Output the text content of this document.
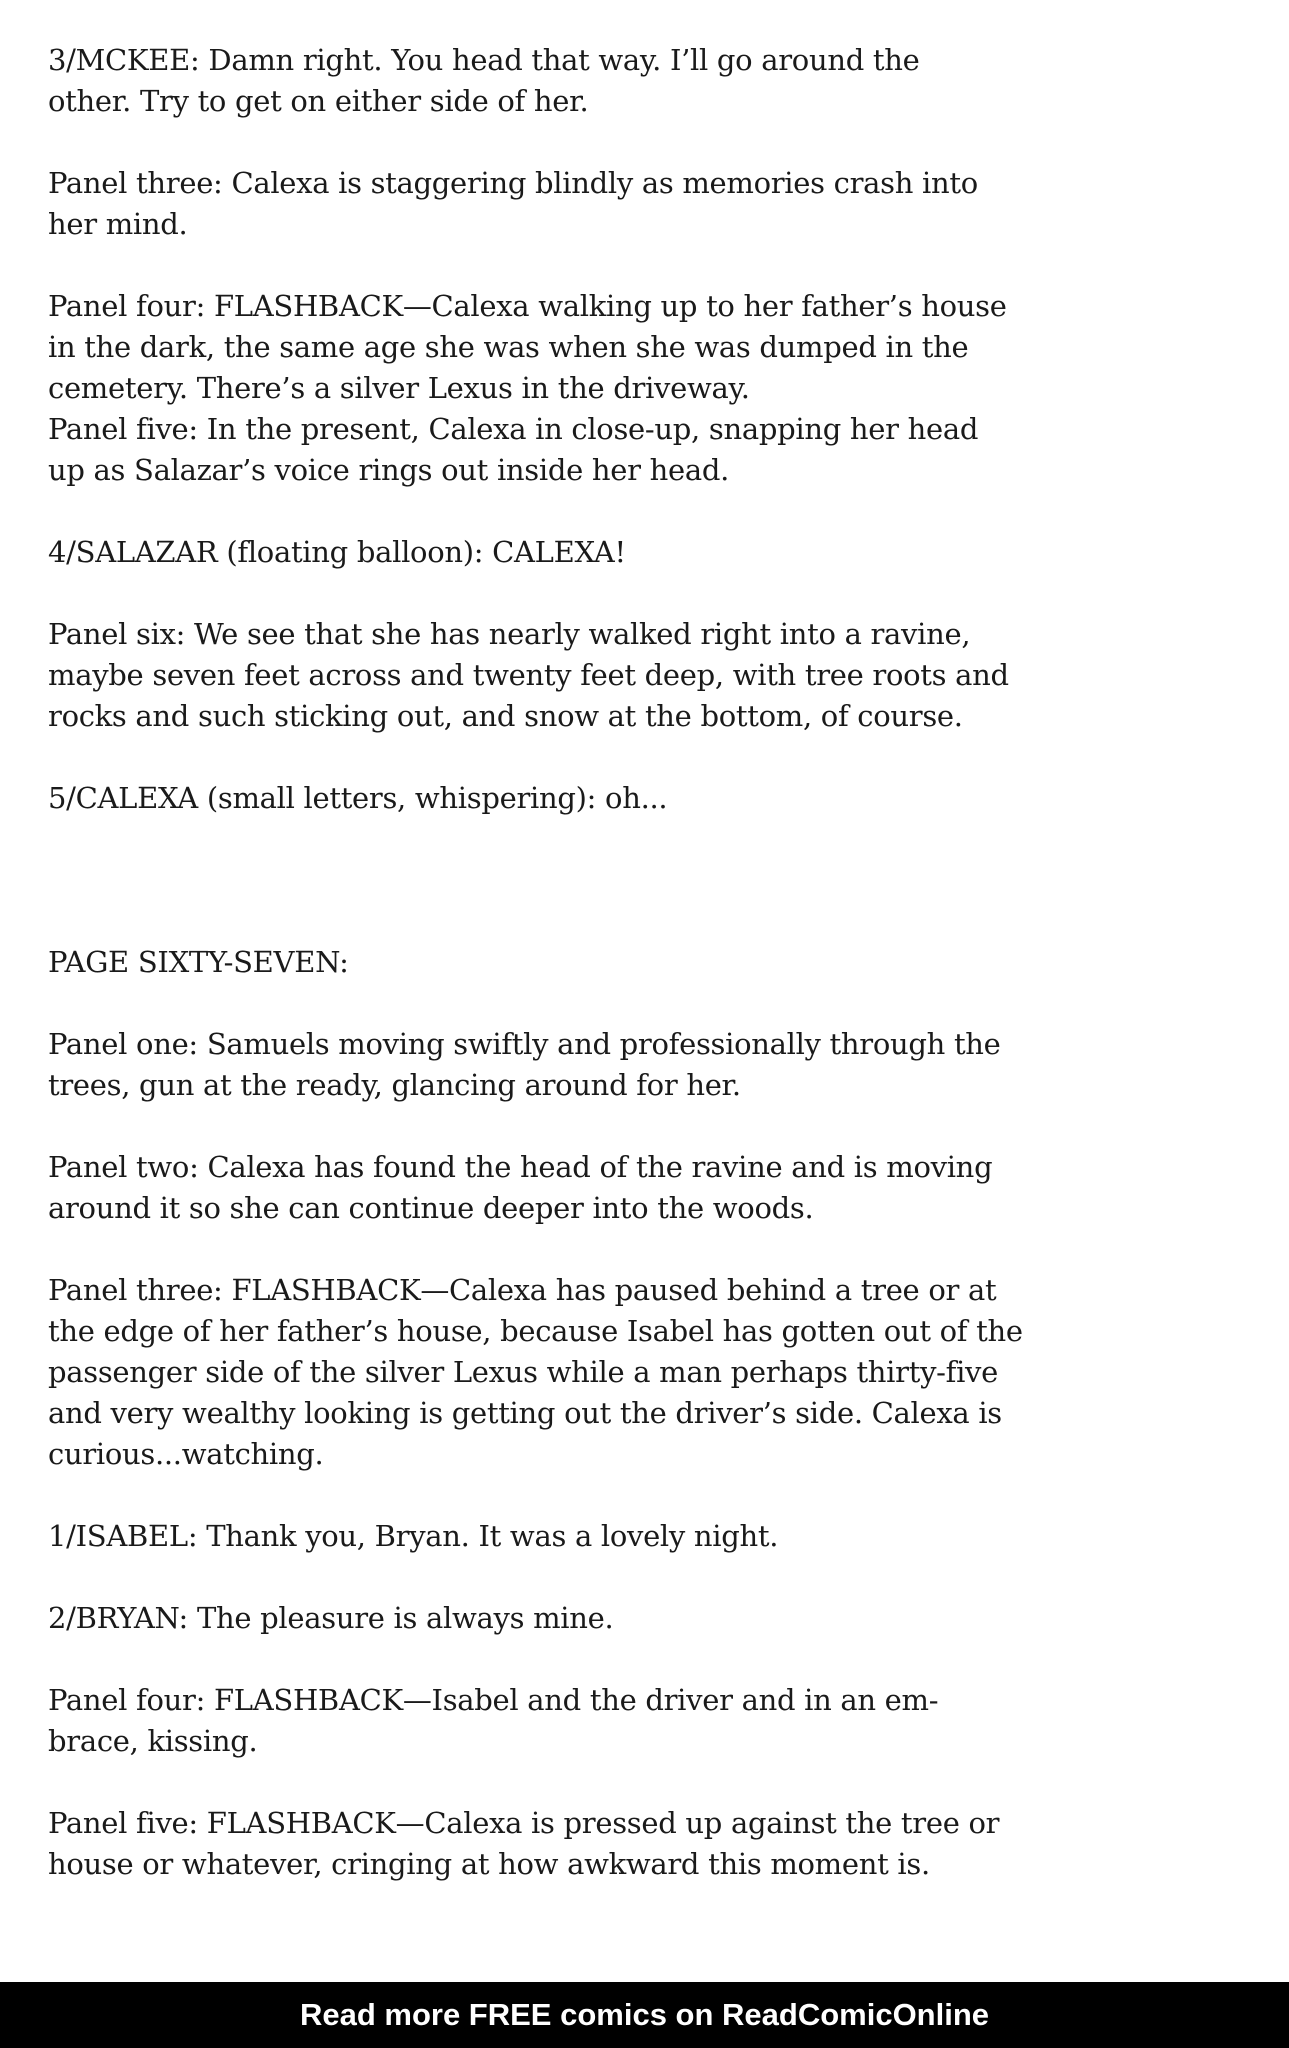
3/MCKEE: Damn right. You head that way. I’ll go around the
other. Try to get on either side of her.
Panel three: Calexa is staggering blindly as memories crash into
her mind.
Panel four: FLASHBACK—Calexa walking up to her father’s house
in the dark, the same age she was when she was dumped in the
cemetery. There’s a silver Lexus in the driveway.
Panel five: In the present, Calexa in close-up, snapping her head
up as Salazar’s voice rings out inside her head.
4/SALAZAR (floating balloon): CALEXA!
Panel six: We see that she has nearly walked right into a ravine,
maybe seven feet across and twenty feet deep, with tree roots and
rocks and such sticking out, and snow at the bottom, of course.
5/CALEXA (small letters, whispering): oh...
PAGE SIXTY-SEVEN:
Panel one: Samuels moving swiftly and professionally through the
trees, gun at the ready, glancing around for her.
Panel two: Calexa has found the head of the ravine and is moving
around it so she can continue deeper into the woods.
Panel three: FLASHBACK—Calexa has paused behind a tree or at
the edge of her father’s house, because Isabel has gotten out of the
passenger side of the silver Lexus while a man perhaps thirty-five
and very wealthy looking is getting out the driver’s side. Calexa is
curious...watching.
1/ISABEL: Thank you, Bryan. It was a lovely night.
2/BRYAN: The pleasure is always mine.
Panel four: FLASHBACK—Isabel and the driver and in an em-
brace, kissing.
Panel five: FLASHBACK—Calexa is pressed up against the tree or
house or whatever, cringing at how awkward this moment is.
Read more FREE comics on ReadComicOnline
